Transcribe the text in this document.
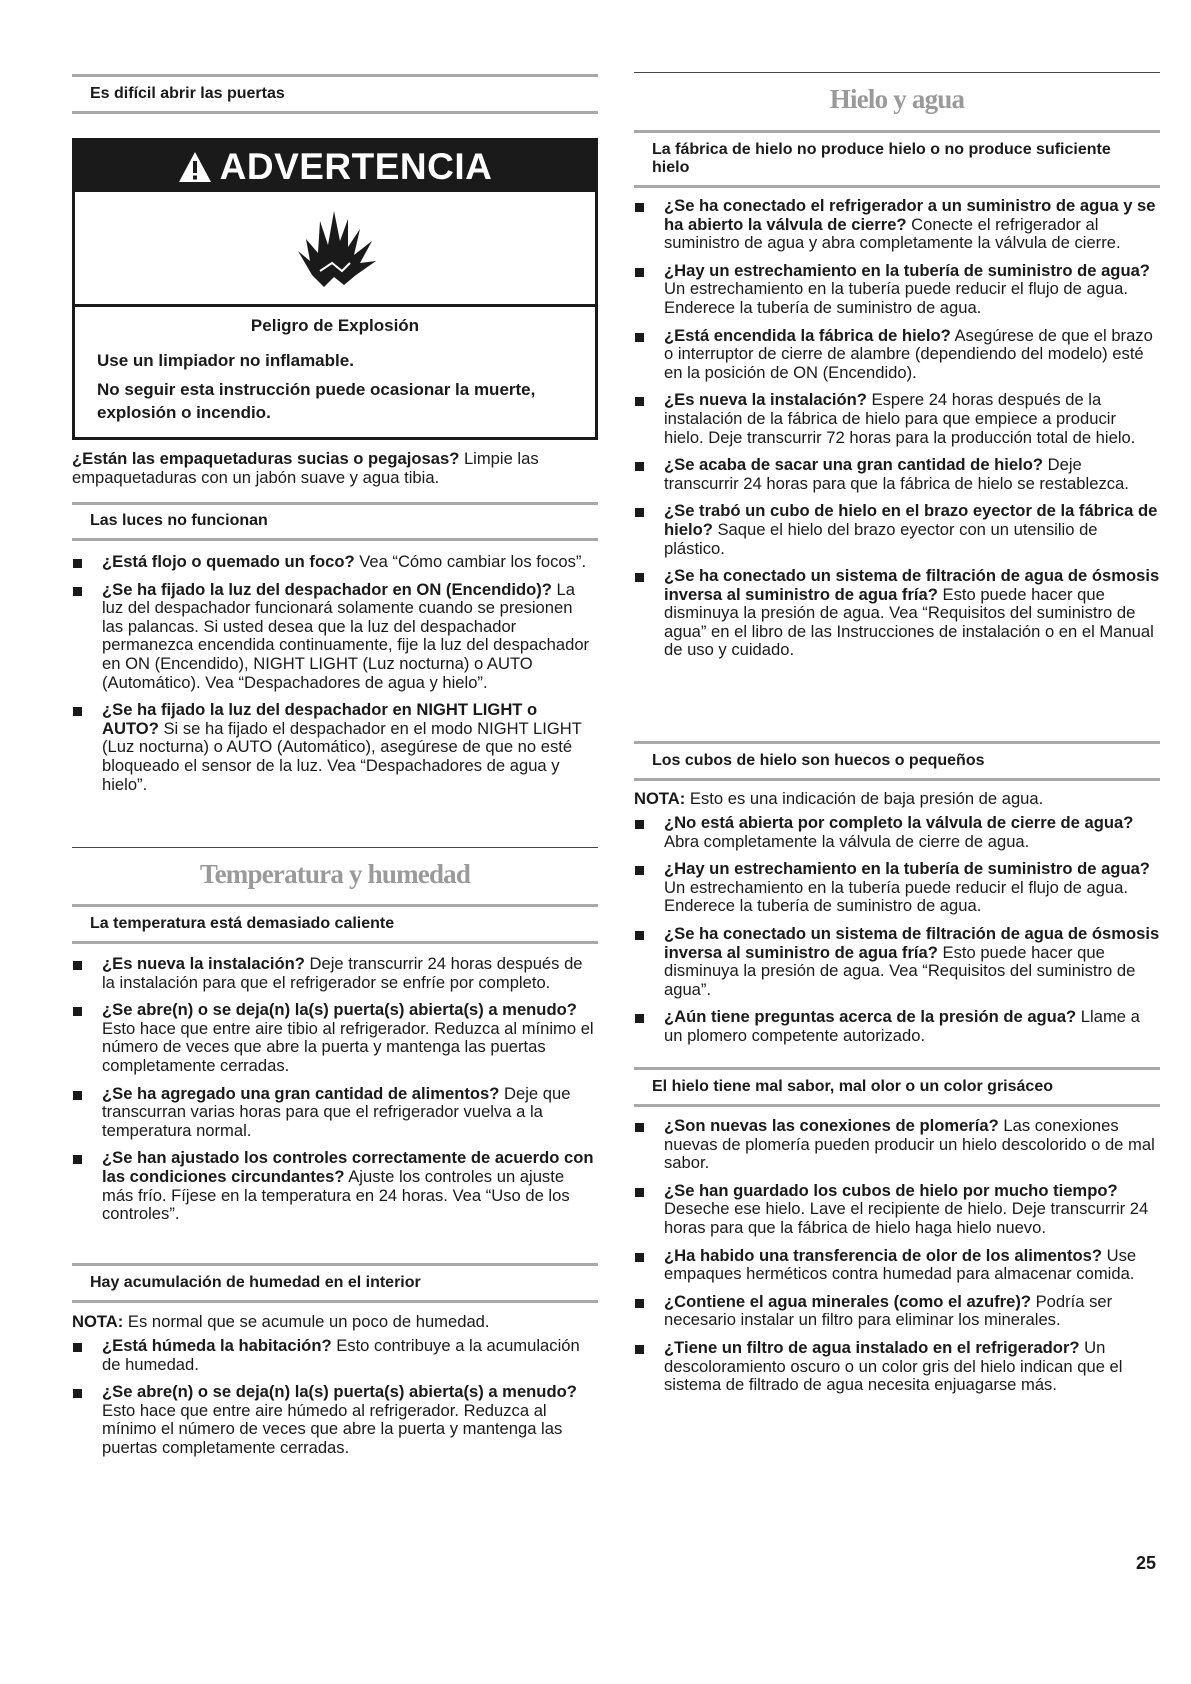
Es difícil abrir las puertas
ADVERTENCIA

Peligro de Explosión

Use un limpiador no inflamable.

No seguir esta instrucción puede ocasionar la muerte, explosión o incendio.

¿Están las empaquetaduras sucias o pegajosas? Limpie las empaquetaduras con un jabón suave y agua tibia.

Las luces no funcionan
¿Está flojo o quemado un foco? Vea “Cómo cambiar los focos”.
¿Se ha fijado la luz del despachador en ON (Encendido)? La luz del despachador funcionará solamente cuando se presionen las palancas. Si usted desea que la luz del despachador permanezca encendida continuamente, fije la luz del despachador en ON (Encendido), NIGHT LIGHT (Luz nocturna) o AUTO (Automático). Vea “Despachadores de agua y hielo”.
¿Se ha fijado la luz del despachador en NIGHT LIGHT o AUTO? Si se ha fijado el despachador en el modo NIGHT LIGHT (Luz nocturna) o AUTO (Automático), asegúrese de que no esté bloqueado el sensor de la luz. Vea “Despachadores de agua y hielo”.
Temperatura y humedad
La temperatura está demasiado caliente
¿Es nueva la instalación? Deje transcurrir 24 horas después de la instalación para que el refrigerador se enfríe por completo.
¿Se abre(n) o se deja(n) la(s) puerta(s) abierta(s) a menudo? Esto hace que entre aire tibio al refrigerador. Reduzca al mínimo el número de veces que abre la puerta y mantenga las puertas completamente cerradas.
¿Se ha agregado una gran cantidad de alimentos? Deje que transcurran varias horas para que el refrigerador vuelva a la temperatura normal.
¿Se han ajustado los controles correctamente de acuerdo con las condiciones circundantes? Ajuste los controles un ajuste más frío. Fíjese en la temperatura en 24 horas. Vea “Uso de los controles”.
Hay acumulación de humedad en el interior

NOTA: Es normal que se acumule un poco de humedad.

¿Está húmeda la habitación? Esto contribuye a la acumulación de humedad.
¿Se abre(n) o se deja(n) la(s) puerta(s) abierta(s) a menudo? Esto hace que entre aire húmedo al refrigerador. Reduzca al mínimo el número de veces que abre la puerta y mantenga las puertas completamente cerradas.
Hielo y agua
La fábrica de hielo no produce hielo o no produce suficiente hielo
¿Se ha conectado el refrigerador a un suministro de agua y se ha abierto la válvula de cierre? Conecte el refrigerador al suministro de agua y abra completamente la válvula de cierre.
¿Hay un estrechamiento en la tubería de suministro de agua? Un estrechamiento en la tubería puede reducir el flujo de agua. Enderece la tubería de suministro de agua.
¿Está encendida la fábrica de hielo? Asegúrese de que el brazo o interruptor de cierre de alambre (dependiendo del modelo) esté en la posición de ON (Encendido).
¿Es nueva la instalación? Espere 24 horas después de la instalación de la fábrica de hielo para que empiece a producir hielo. Deje transcurrir 72 horas para la producción total de hielo.
¿Se acaba de sacar una gran cantidad de hielo? Deje transcurrir 24 horas para que la fábrica de hielo se restablezca.
¿Se trabó un cubo de hielo en el brazo eyector de la fábrica de hielo? Saque el hielo del brazo eyector con un utensilio de plástico.
¿Se ha conectado un sistema de filtración de agua de ósmosis inversa al suministro de agua fría? Esto puede hacer que disminuya la presión de agua. Vea “Requisitos del suministro de agua” en el libro de las Instrucciones de instalación o en el Manual de uso y cuidado.
Los cubos de hielo son huecos o pequeños

NOTA: Esto es una indicación de baja presión de agua.

¿No está abierta por completo la válvula de cierre de agua? Abra completamente la válvula de cierre de agua.
¿Hay un estrechamiento en la tubería de suministro de agua? Un estrechamiento en la tubería puede reducir el flujo de agua. Enderece la tubería de suministro de agua.
¿Se ha conectado un sistema de filtración de agua de ósmosis inversa al suministro de agua fría? Esto puede hacer que disminuya la presión de agua. Vea “Requisitos del suministro de agua”.
¿Aún tiene preguntas acerca de la presión de agua? Llame a un plomero competente autorizado.
El hielo tiene mal sabor, mal olor o un color grisáceo
¿Son nuevas las conexiones de plomería? Las conexiones nuevas de plomería pueden producir un hielo descolorido o de mal sabor.
¿Se han guardado los cubos de hielo por mucho tiempo? Deseche ese hielo. Lave el recipiente de hielo. Deje transcurrir 24 horas para que la fábrica de hielo haga hielo nuevo.
¿Ha habido una transferencia de olor de los alimentos? Use empaques herméticos contra humedad para almacenar comida.
¿Contiene el agua minerales (como el azufre)? Podría ser necesario instalar un filtro para eliminar los minerales.
¿Tiene un filtro de agua instalado en el refrigerador? Un descoloramiento oscuro o un color gris del hielo indican que el sistema de filtrado de agua necesita enjuagarse más.
25
